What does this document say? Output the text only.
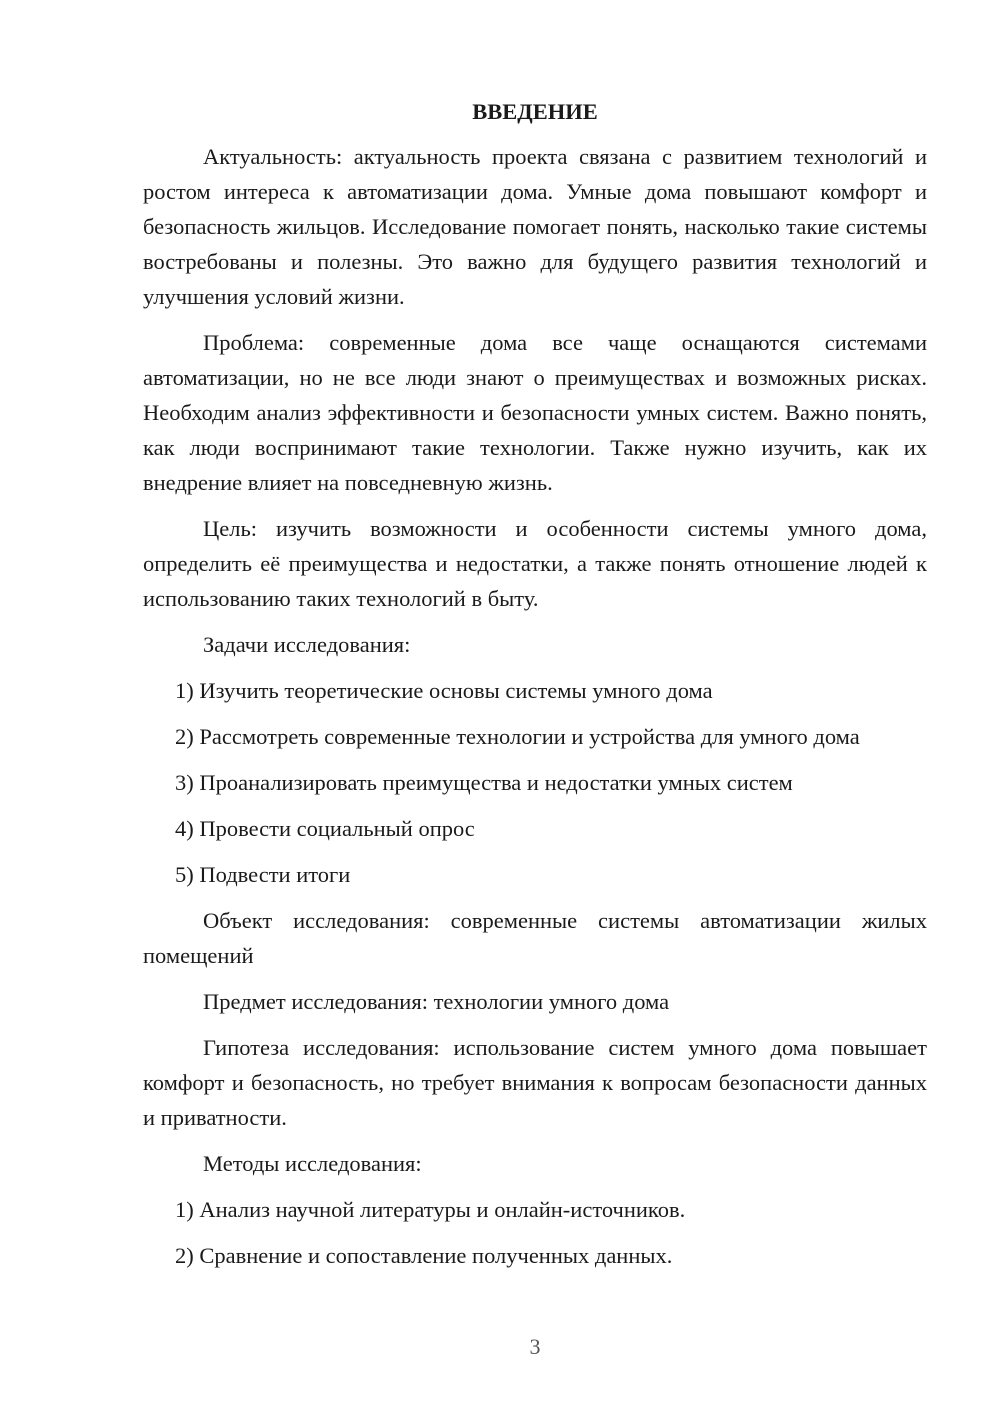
ВВЕДЕНИЕ

Актуальность: актуальность проекта связана с развитием технологий и ростом интереса к автоматизации дома. Умные дома повышают комфорт и безопасность жильцов. Исследование помогает понять, насколько такие системы востребованы и полезны. Это важно для будущего развития технологий и улучшения условий жизни.

Проблема: современные дома все чаще оснащаются системами автоматизации, но не все люди знают о преимуществах и возможных рисках. Необходим анализ эффективности и безопасности умных систем. Важно понять, как люди воспринимают такие технологии. Также нужно изучить, как их внедрение влияет на повседневную жизнь.

Цель: изучить возможности и особенности системы умного дома, определить её преимущества и недостатки, а также понять отношение людей к использованию таких технологий в быту.

Задачи исследования:

1) Изучить теоретические основы системы умного дома

2) Рассмотреть современные технологии и устройства для умного дома

3) Проанализировать преимущества и недостатки умных систем

4) Провести социальный опрос

5) Подвести итоги

Объект исследования: современные системы автоматизации жилых помещений

Предмет исследования: технологии умного дома

Гипотеза исследования: использование систем умного дома повышает комфорт и безопасность, но требует внимания к вопросам безопасности данных и приватности.

Методы исследования:

1) Анализ научной литературы и онлайн-источников.

2) Сравнение и сопоставление полученных данных.

3
